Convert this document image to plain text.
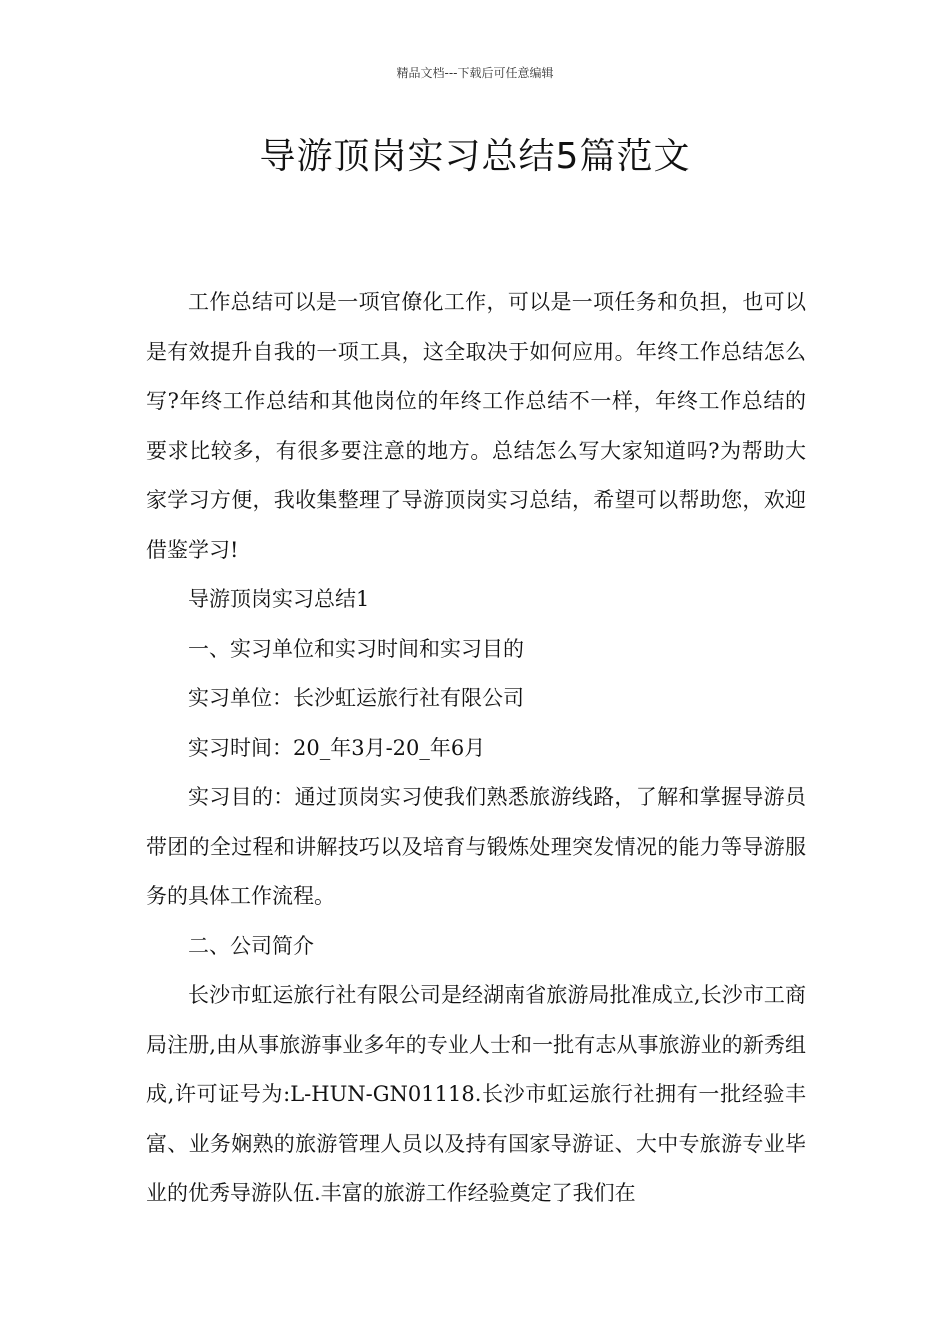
精品文档---下载后可任意编辑
导游顶岗实习总结5篇范文

工作总结可以是一项官僚化工作，可以是一项任务和负担，也可以是有效提升自我的一项工具，这全取决于如何应用。年终工作总结怎么写?年终工作总结和其他岗位的年终工作总结不一样，年终工作总结的要求比较多，有很多要注意的地方。总结怎么写大家知道吗?为帮助大家学习方便，我收集整理了导游顶岗实习总结，希望可以帮助您，欢迎借鉴学习!

导游顶岗实习总结1

一、实习单位和实习时间和实习目的

实习单位：长沙虹运旅行社有限公司

实习时间：20_年3月-20_年6月

实习目的：通过顶岗实习使我们熟悉旅游线路，了解和掌握导游员带团的全过程和讲解技巧以及培育与锻炼处理突发情况的能力等导游服务的具体工作流程。

二、公司简介

长沙市虹运旅行社有限公司是经湖南省旅游局批准成立,长沙市工商局注册,由从事旅游事业多年的专业人士和一批有志从事旅游业的新秀组成,许可证号为:L-HUN-GN01118.长沙市虹运旅行社拥有一批经验丰富、业务娴熟的旅游管理人员以及持有国家导游证、大中专旅游专业毕业的优秀导游队伍.丰富的旅游工作经验奠定了我们在
